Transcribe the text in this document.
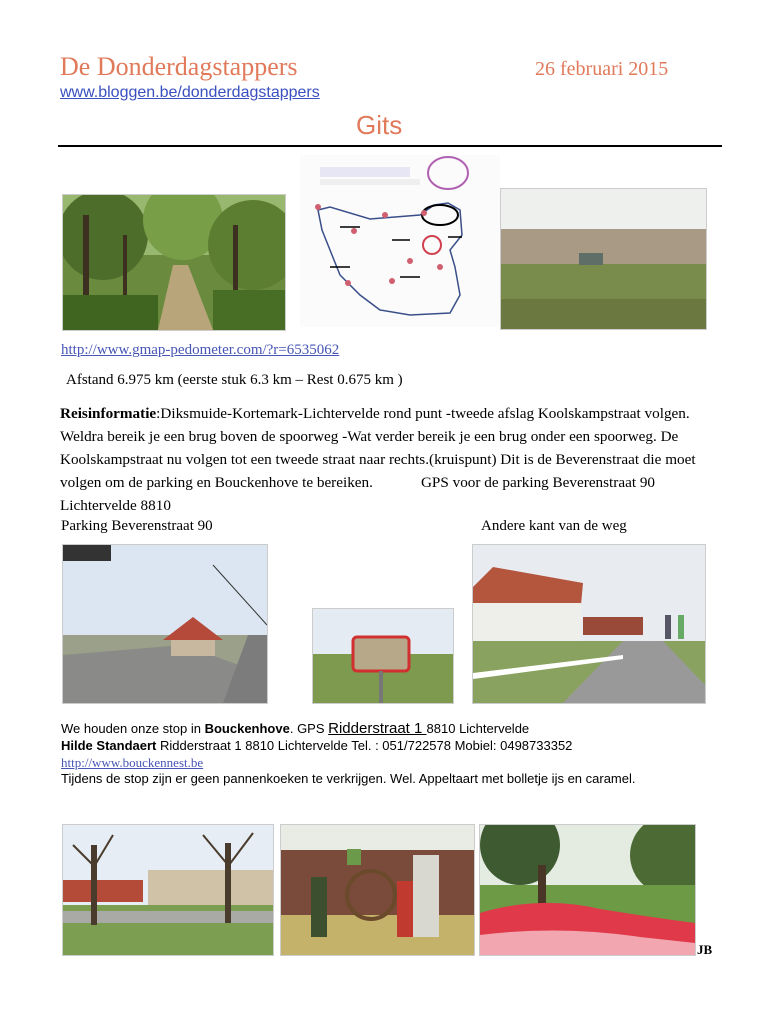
De Donderdagstappers	26 februari 2015
www.bloggen.be/donderdagstappers
Gits
http://www.gmap-pedometer.com/?r=6535062
Afstand 6.975 km (eerste stuk 6.3 km – Rest 0.675 km )
Reisinformatie:Diksmuide-Kortemark-Lichtervelde rond punt -tweede afslag Koolskampstraat volgen. Weldra bereik je een brug boven de spoorweg -Wat verder bereik je een brug onder een spoorweg. De Koolskampstraat nu volgen tot een tweede straat naar rechts.(kruispunt) Dit is de Beverenstraat die moet volgen om de parking en Bouckenhove te bereiken.	GPS voor de parking Beverenstraat 90 Lichtervelde 8810
Parking Beverenstraat 90	Andere kant van de weg
We houden onze stop in Bouckenhove. GPS Ridderstraat 1 8810 Lichtervelde
Hilde Standaert Ridderstraat 1 8810 Lichtervelde Tel. : 051/722578 Mobiel: 0498733352
http://www.bouckennest.be
Tijdens de stop zijn er geen pannenkoeken te verkrijgen. Wel. Appeltaart met bolletje ijs en caramel.
JB
